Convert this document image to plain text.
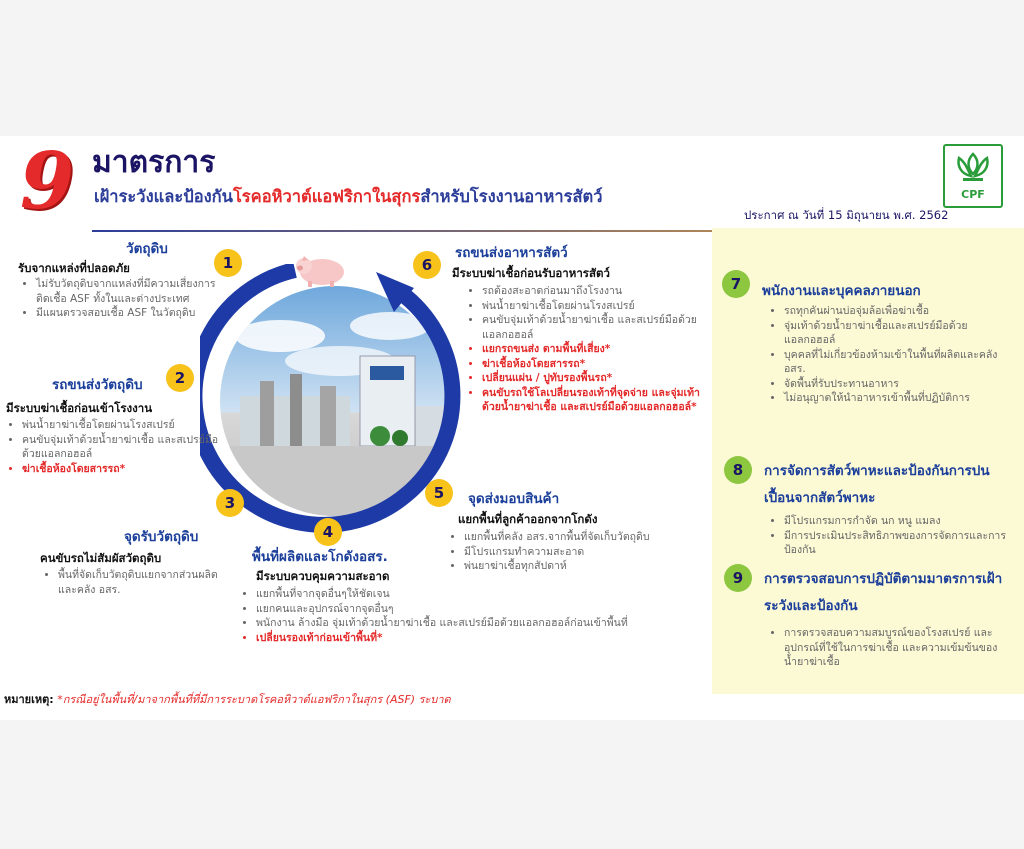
9 มาตรการ
เฝ้าระวังและป้องกันโรคอหิวาต์แอฟริกาในสุกรสำหรับโรงงานอาหารสัตว์
ประกาศ ณ วันที่ 15 มิถุนายน พ.ศ. 2562
CPF
วัตถุดิบ
1
รับจากแหล่งที่ปลอดภัย
• ไม่รับวัตถุดิบจากแหล่งที่มีความเสี่ยงการติดเชื้อ ASF ทั้งในและต่างประเทศ
• มีแผนตรวจสอบเชื้อ ASF ในวัตถุดิบ
รถขนส่งวัตถุดิบ	2
มีระบบฆ่าเชื้อก่อนเข้าโรงงาน
• พ่นน้ำยาฆ่าเชื้อโดยผ่านโรงสเปรย์
• คนขับจุ่มเท้าด้วยน้ำยาฆ่าเชื้อ และสเปรย์มือด้วยแอลกอฮอล์
• ฆ่าเชื้อห้องโดยสารรถ*
3
จุดรับวัตถุดิบ
คนขับรถไม่สัมผัสวัตถุดิบ
• พื้นที่จัดเก็บวัตถุดิบแยกจากส่วนผลิตและคลัง อสร.
4
พื้นที่ผลิตและโกดังอสร.
มีระบบควบคุมความสะอาด
• แยกพื้นที่จากจุดอื่นๆให้ชัดเจน
• แยกคนและอุปกรณ์จากจุดอื่นๆ
• พนักงาน ล้างมือ จุ่มเท้าด้วยน้ำยาฆ่าเชื้อ และสเปรย์มือด้วยแอลกอฮอล์ก่อนเข้าพื้นที่
• เปลี่ยนรองเท้าก่อนเข้าพื้นที่*
5	จุดส่งมอบสินค้า
แยกพื้นที่ลูกค้าออกจากโกดัง
• แยกพื้นที่คลัง อสร.จากพื้นที่จัดเก็บวัตถุดิบ
• มีโปรแกรมทำความสะอาด
• พ่นยาฆ่าเชื้อทุกสัปดาห์
6
รถขนส่งอาหารสัตว์
มีระบบฆ่าเชื้อก่อนรับอาหารสัตว์
• รถต้องสะอาดก่อนมาถึงโรงงาน
• พ่นน้ำยาฆ่าเชื้อโดยผ่านโรงสเปรย์
• คนขับจุ่มเท้าด้วยน้ำยาฆ่าเชื้อ และสเปรย์มือด้วยแอลกอฮอล์
• แยกรถขนส่ง ตามพื้นที่เสี่ยง*
• ฆ่าเชื้อห้องโดยสารรถ*
• เปลี่ยนแผ่น / ปูทับรองพื้นรถ*
• คนขับรถใช้โลเปลี่ยนรองเท้าที่จุดจ่าย และจุ่มเท้าด้วยน้ำยาฆ่าเชื้อ และสเปรย์มือด้วยแอลกอฮอล์*
7	พนักงานและบุคคลภายนอก
• รถทุกคันผ่านบ่อจุ่มล้อเพื่อฆ่าเชื้อ
• จุ่มเท้าด้วยน้ำยาฆ่าเชื้อและสเปรย์มือด้วยแอลกอฮอล์
• บุคคลที่ไม่เกี่ยวข้องห้ามเข้าในพื้นที่ผลิตและคลัง อสร.
• จัดพื้นที่รับประทานอาหาร
• ไม่อนุญาตให้นำอาหารเข้าพื้นที่ปฏิบัติการ
8	การจัดการสัตว์พาหะและป้องกันการปนเปื้อนจากสัตว์พาหะ
• มีโปรแกรมการกำจัด นก หนู แมลง
• มีการประเมินประสิทธิภาพของการจัดการและการป้องกัน
9	การตรวจสอบการปฏิบัติตามมาตรการเฝ้าระวังและป้องกัน
• การตรวจสอบความสมบูรณ์ของโรงสเปรย์ และอุปกรณ์ที่ใช้ในการฆ่าเชื้อ และความเข้มข้นของน้ำยาฆ่าเชื้อ
หมายเหตุ: *กรณีอยู่ในพื้นที่/มาจากพื้นที่ที่มีการระบาดโรคอหิวาต์แอฟริกาในสุกร (ASF) ระบาด
